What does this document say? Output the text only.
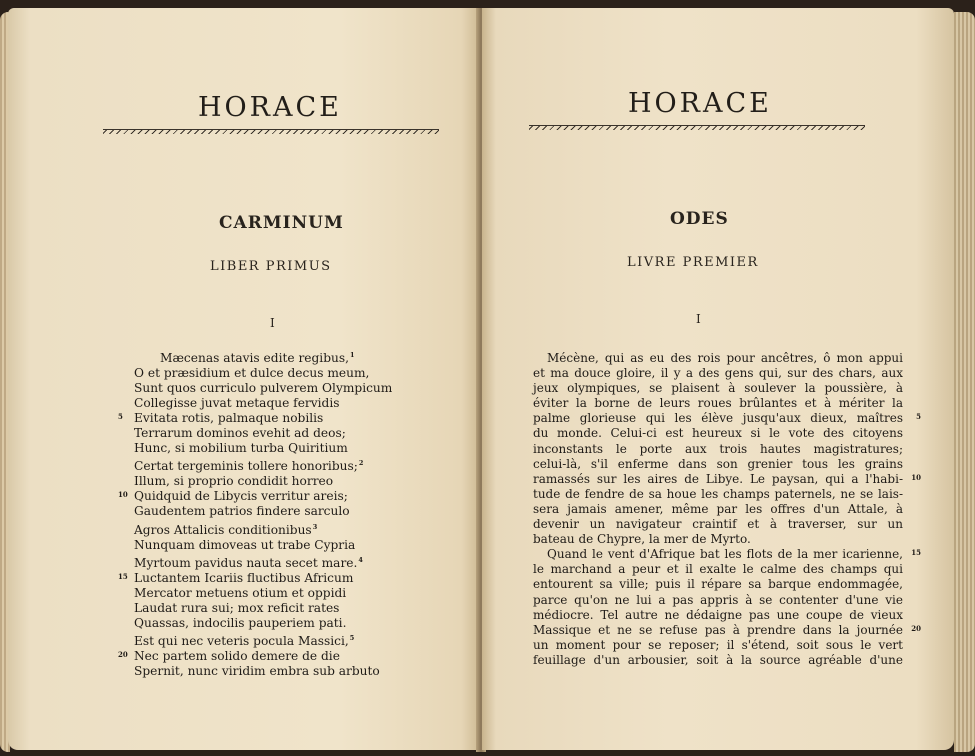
HORACE
CARMINUM
LIBER PRIMUS
I
Mæcenas atavis edite regibus,$^1$
O et præsidium et dulce decus meum,
Sunt quos curriculo pulverem Olympicum
Collegisse juvat metaque fervidis
5 Evitata rotis, palmaque nobilis
Terrarum dominos evehit ad deos;
Hunc, si mobilium turba Quiritium
Certat tergeminis tollere honoribus;$^2$
Illum, si proprio condidit horreo
10 Quidquid de Libycis verritur areis;
Gaudentem patrios findere sarculo
Agros Attalicis conditionibus$^3$
Nunquam dimoveas ut trabe Cypria
Myrtoum pavidus nauta secet mare.$^4$
15 Luctantem Icariis fluctibus Africum
Mercator metuens otium et oppidi
Laudat rura sui; mox reficit rates
Quassas, indocilis pauperiem pati.
Est qui nec veteris pocula Massici,$^5$
20 Nec partem solido demere de die
Spernit, nunc viridim embra sub arbuto
HORACE
ODES
LIVRE PREMIER
I
Mécène, qui as eu des rois pour ancêtres, ô mon appui
et ma douce gloire, il y a des gens qui, sur des chars, aux
jeux olympiques, se plaisent à soulever la poussière, à
éviter la borne de leurs roues brûlantes et à mériter la
palme glorieuse qui les élève jusqu'aux dieux, maîtres 5
du monde. Celui-ci est heureux si le vote des citoyens
inconstants le porte aux trois hautes magistratures;
celui-là, s'il enferme dans son grenier tous les grains
ramassés sur les aires de Libye. Le paysan, qui a l'habi- 10
tude de fendre de sa houe les champs paternels, ne se lais-
sera jamais amener, même par les offres d'un Attale, à
devenir un navigateur craintif et à traverser, sur un
bateau de Chypre, la mer de Myrto.
Quand le vent d'Afrique bat les flots de la mer icarienne, 15
le marchand a peur et il exalte le calme des champs qui
entourent sa ville; puis il répare sa barque endommagée,
parce qu'on ne lui a pas appris à se contenter d'une vie
médiocre. Tel autre ne dédaigne pas une coupe de vieux
Massique et ne se refuse pas à prendre dans la journée 20
un moment pour se reposer; il s'étend, soit sous le vert
feuillage d'un arbousier, soit à la source agréable d'une
